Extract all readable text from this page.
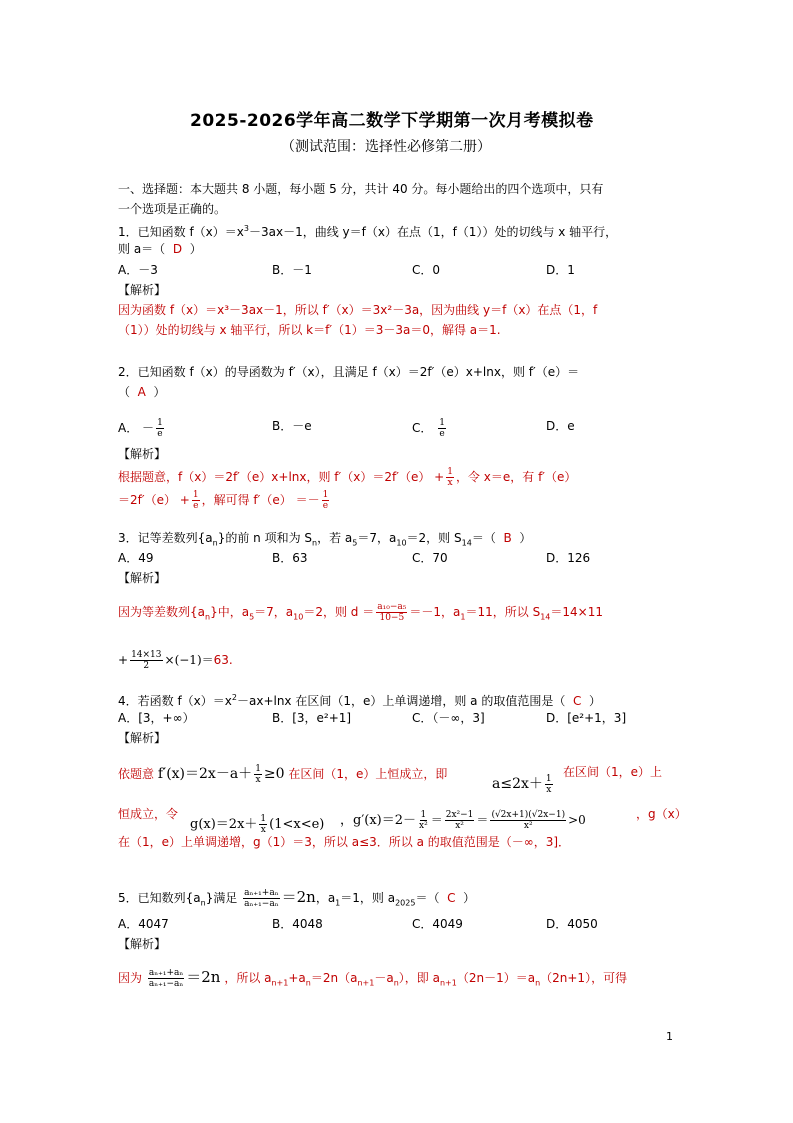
2025-2026学年高二数学下学期第一次月考模拟卷
（测试范围：选择性必修第二册）
一、选择题：本大题共 8 小题，每小题 5 分，共计 40 分。每小题给出的四个选项中，只有
一个选项是正确的。
1．已知函数 $f(x)=x^3-3ax-1$，曲线 y＝f（x）在点（1，f（1））处的切线与 x 轴平行，
则 a＝（ D ）
A．－3	B．－1	C．0	D．1
【解析】
因为函数 f（x）＝x³－3ax－1，所以 f′（x）＝3x²－3a，因为曲线 y＝f（x）在点（1，f
（1））处的切线与 x 轴平行，所以 k＝f′（1）＝3－3a＝0，解得 a＝1.
2．已知函数 f（x）的导函数为 f′（x），且满足 f（x）＝2f′（e）x+lnx，则 f′（e）＝
（ A ）
A． － $\frac{1}{e}$	B．－e	C． $\frac{1}{e}$	D．e
【解析】
根据题意，f（x）＝2f′（e）x+lnx，则 $f'(x)=2f'(e) + \frac{1}{x}$ ，令 x＝e，有 f′（e）
$=2f'(e) + \frac{1}{e}$ ，解可得 $f'(e) =- \frac{1}{e}$
3．记等差数列$\{a_n\}$的前 n 项和为 $S_n$，若 $a_5=7$，$a_{10}=2$，则 $S_{14}=$（ B ）
A．49	B．63	C．70	D．126
【解析】
因为等差数列$\{a_n\}$中，$a_5=7$，$a_{10}=2$，则 $d = \frac{\text{a₁₀−a₅}}{10-5} =-1$，$a_1=11$，所以 $S_{14}=14\times 11$
+ $\frac{14\times 13}{2} \times(-1)=63$.
4．若函数 $f(x)=x^2-ax+\ln x$ 在区间（1，e）上单调递增，则 a 的取值范围是（ C ）
A．[3，+∞）	B．[3，e²+1]	C．（－∞，3]	D．[e²+1，3]
【解析】
依题意 $f'(x)=2x-a+ \frac{1}{x} \ge 0$ 在区间（1，e）上恒成立，即
$a\le 2x+ \frac{1}{x}$
在区间（1，e）上
恒成立，令
$g(x)=2x+ \frac{1}{x} (1<x<e)$ ，$g'(x)=2- \frac{1}{\text{x²}} = \frac{\text{2x²−1}}{\text{x²}} = \frac{(√2x+1)(√2x-1)}{\text{x²}} >0$	，g（x）
在（1，e）上单调递增，g（1）＝3，所以 a≤3．所以 a 的取值范围是（－∞，3]．
5．已知数列$\{a_n\}$满足 $\frac{\text{aₙ₊₁+aₙ}}{\text{aₙ₊₁−aₙ}} =2n$，$a_1=1$，则 $a_{2025}=$（ C ）
A．4047	B．4048	C．4049	D．4050
【解析】
因为 $\frac{\text{aₙ₊₁+aₙ}}{\text{aₙ₊₁−aₙ}} =2n$ ，所以 $a_{n+1}+a_n=2n(a_{n+1}-a_n)$，即 $a_{n+1}(2n-1)=a_n(2n+1)$，可得
1
